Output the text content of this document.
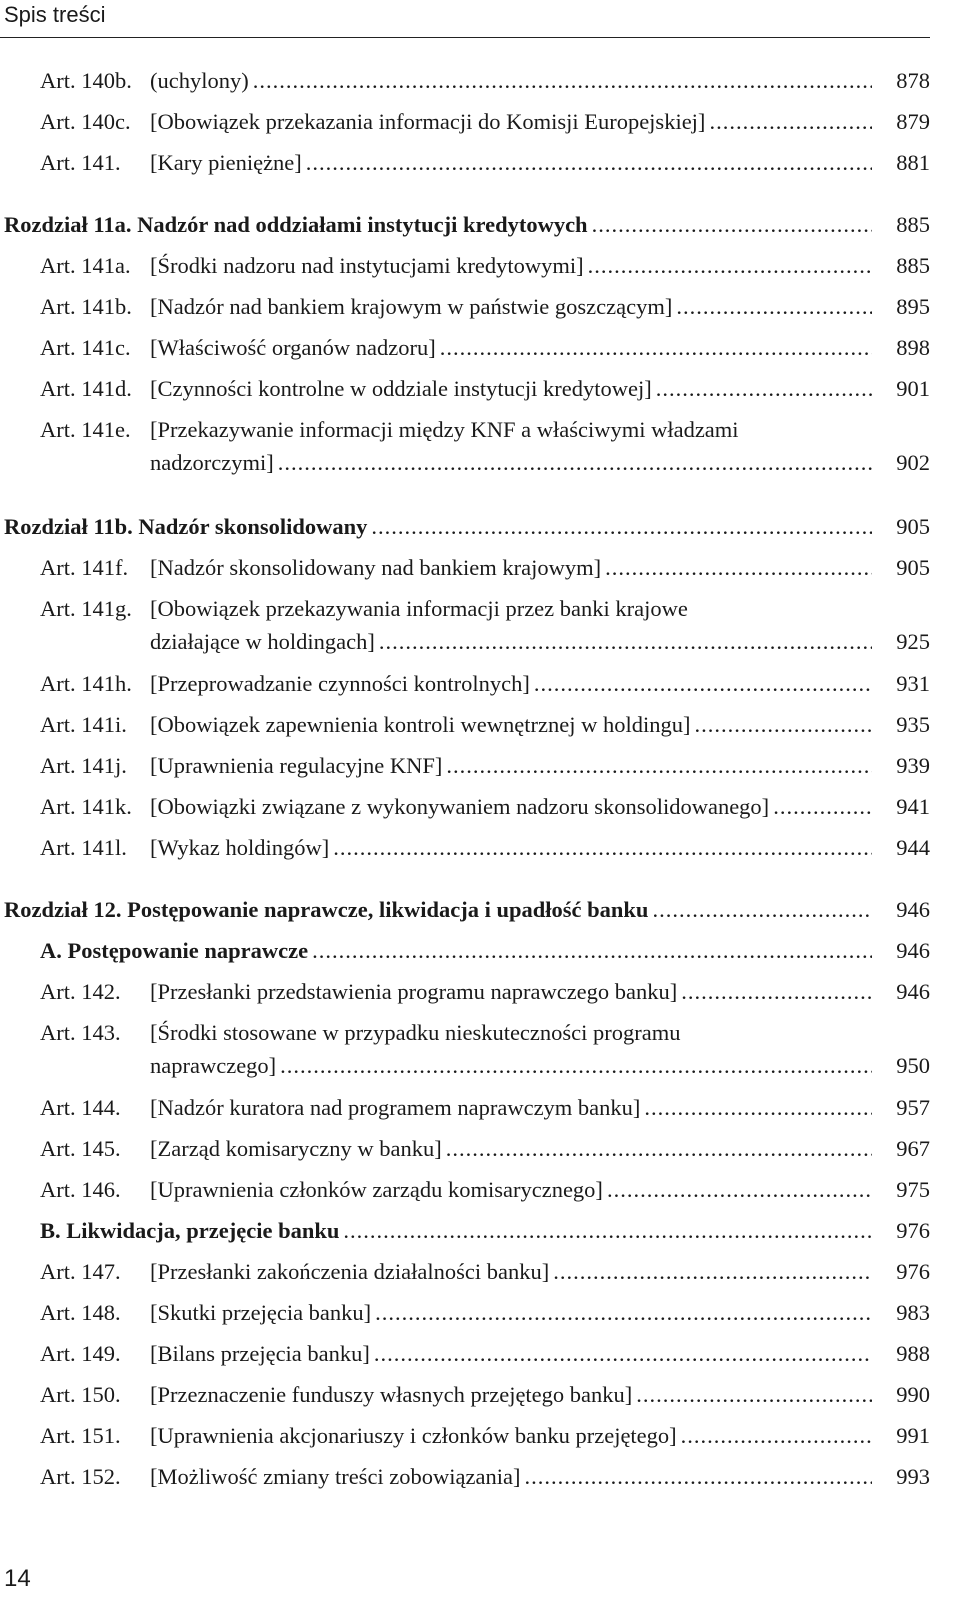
Spis treści
Art. 140b. (uchylony) .....	878
Art. 140c. [Obowiązek przekazania informacji do Komisji Europejskiej] .....	879
Art. 141. [Kary pieniężne] .....	881
Rozdział 11a. Nadzór nad oddziałami instytucji kredytowych .....	885
Art. 141a. [Środki nadzoru nad instytucjami kredytowymi] .....	885
Art. 141b. [Nadzór nad bankiem krajowym w państwie goszczącym] .....	895
Art. 141c. [Właściwość organów nadzoru] .....	898
Art. 141d. [Czynności kontrolne w oddziale instytucji kredytowej] .....	901
Art. 141e. [Przekazywanie informacji między KNF a właściwymi władzami
nadzorczymi] .....	902
Rozdział 11b. Nadzór skonsolidowany .....	905
Art. 141f. [Nadzór skonsolidowany nad bankiem krajowym] .....	905
Art. 141g. [Obowiązek przekazywania informacji przez banki krajowe
działające w holdingach] .....	925
Art. 141h. [Przeprowadzanie czynności kontrolnych] .....	931
Art. 141i. [Obowiązek zapewnienia kontroli wewnętrznej w holdingu] .....	935
Art. 141j. [Uprawnienia regulacyjne KNF] .....	939
Art. 141k. [Obowiązki związane z wykonywaniem nadzoru skonsolidowanego] .....	941
Art. 141l. [Wykaz holdingów] .....	944
Rozdział 12. Postępowanie naprawcze, likwidacja i upadłość banku .....	946
A. Postępowanie naprawcze .....	946
Art. 142. [Przesłanki przedstawienia programu naprawczego banku] .....	946
Art. 143. [Środki stosowane w przypadku nieskuteczności programu
naprawczego] .....	950
Art. 144. [Nadzór kuratora nad programem naprawczym banku] .....	957
Art. 145. [Zarząd komisaryczny w banku] .....	967
Art. 146. [Uprawnienia członków zarządu komisarycznego] .....	975
B. Likwidacja, przejęcie banku .....	976
Art. 147. [Przesłanki zakończenia działalności banku] .....	976
Art. 148. [Skutki przejęcia banku] .....	983
Art. 149. [Bilans przejęcia banku] .....	988
Art. 150. [Przeznaczenie funduszy własnych przejętego banku] .....	990
Art. 151. [Uprawnienia akcjonariuszy i członków banku przejętego] .....	991
Art. 152. [Możliwość zmiany treści zobowiązania] .....	993
14
